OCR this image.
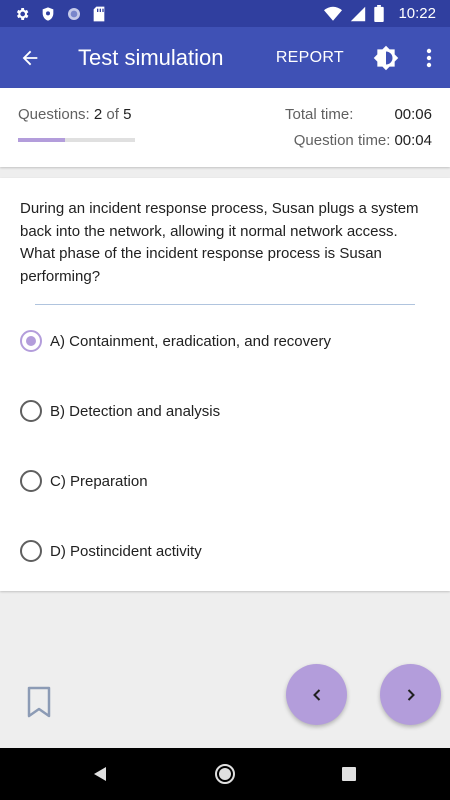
10:22
Test simulation	REPORT
Questions: 2 of 5	Total time:	00:06
Question time: 00:04
During an incident response process, Susan plugs a system back into the network, allowing it normal network access. What phase of the incident response process is Susan performing?
A) Containment, eradication, and recovery
B) Detection and analysis
C) Preparation
D) Postincident activity
